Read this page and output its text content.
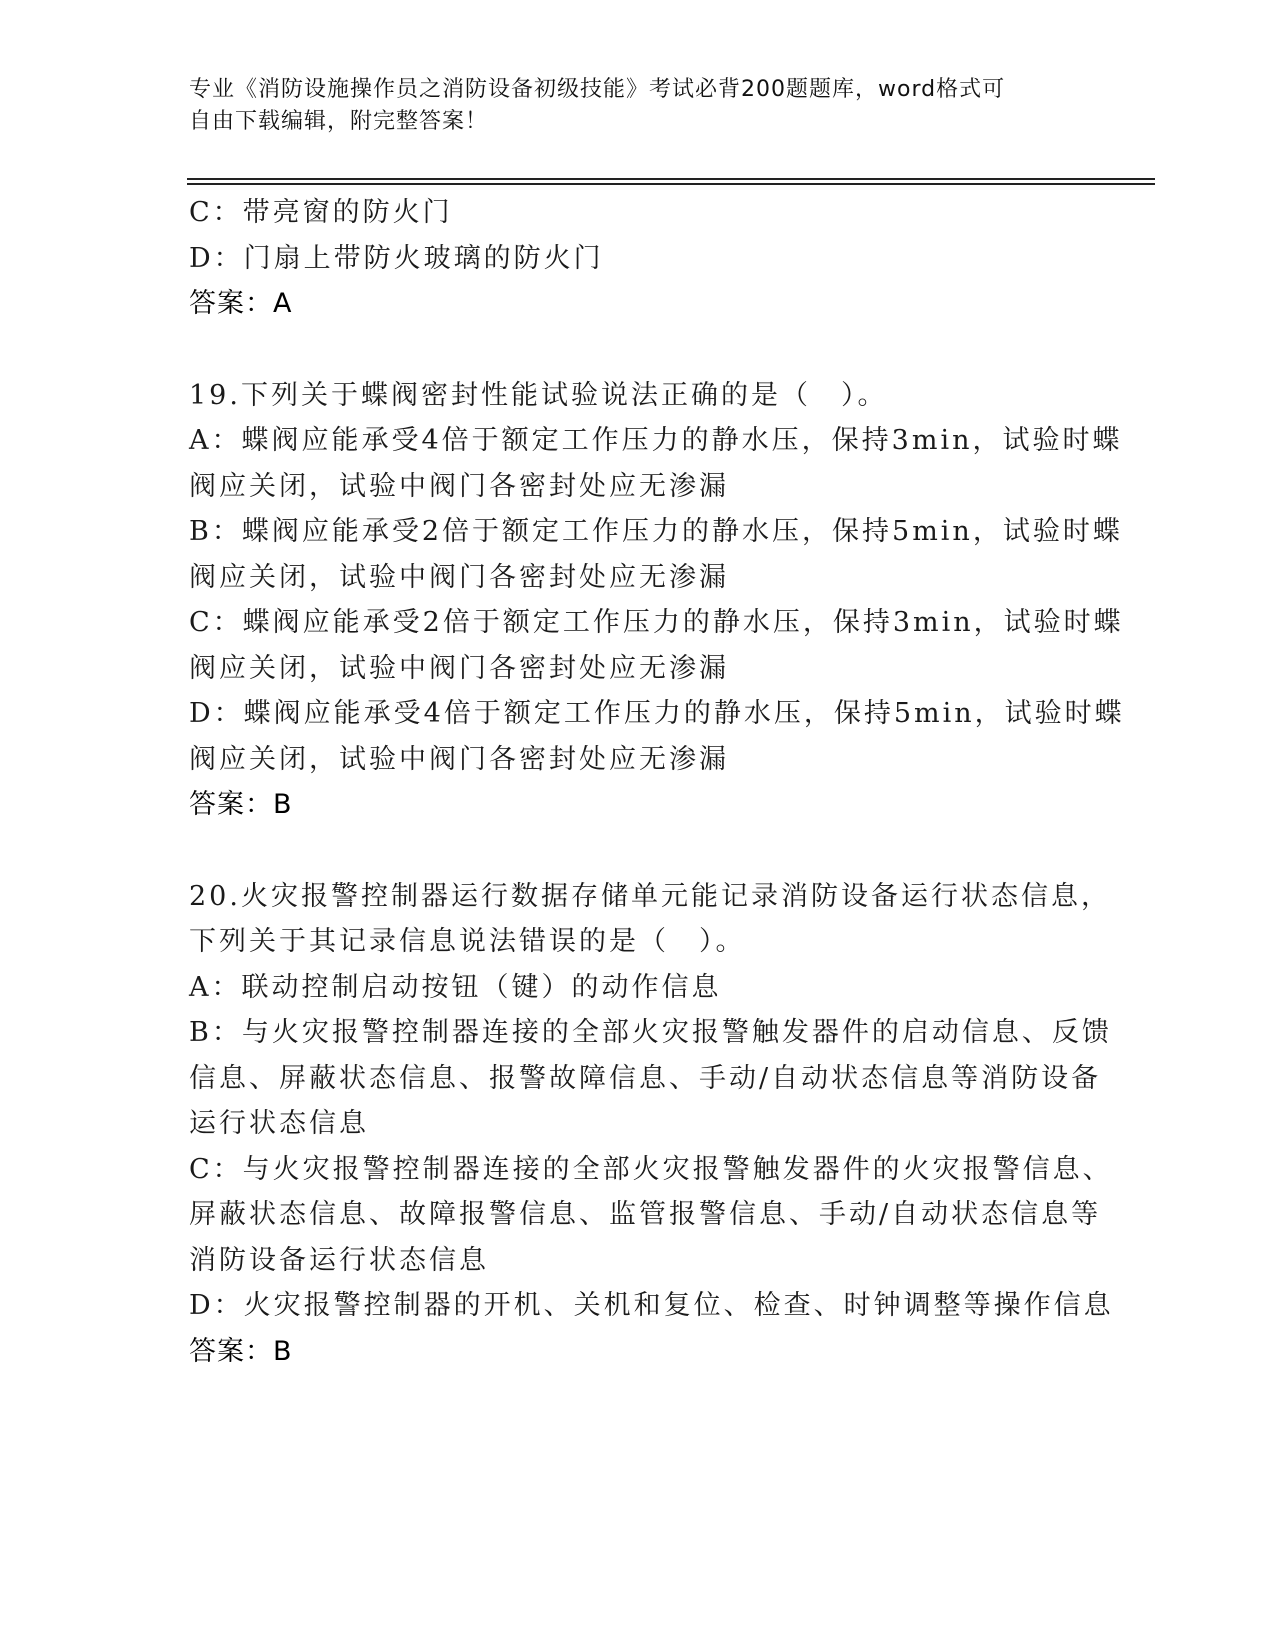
专业《消防设施操作员之消防设备初级技能》考试必背200题题库，word格式可
自由下载编辑，附完整答案！
C：带亮窗的防火门
D：门扇上带防火玻璃的防火门
答案：A
19.下列关于蝶阀密封性能试验说法正确的是（　）。
A：蝶阀应能承受4倍于额定工作压力的静水压，保持3min，试验时蝶
阀应关闭，试验中阀门各密封处应无渗漏
B：蝶阀应能承受2倍于额定工作压力的静水压，保持5min，试验时蝶
阀应关闭，试验中阀门各密封处应无渗漏
C：蝶阀应能承受2倍于额定工作压力的静水压，保持3min，试验时蝶
阀应关闭，试验中阀门各密封处应无渗漏
D：蝶阀应能承受4倍于额定工作压力的静水压，保持5min，试验时蝶
阀应关闭，试验中阀门各密封处应无渗漏
答案：B
20.火灾报警控制器运行数据存储单元能记录消防设备运行状态信息，
下列关于其记录信息说法错误的是（　）。
A：联动控制启动按钮（键）的动作信息
B：与火灾报警控制器连接的全部火灾报警触发器件的启动信息、反馈
信息、屏蔽状态信息、报警故障信息、手动/自动状态信息等消防设备
运行状态信息
C：与火灾报警控制器连接的全部火灾报警触发器件的火灾报警信息、
屏蔽状态信息、故障报警信息、监管报警信息、手动/自动状态信息等
消防设备运行状态信息
D：火灾报警控制器的开机、关机和复位、检查、时钟调整等操作信息
答案：B
